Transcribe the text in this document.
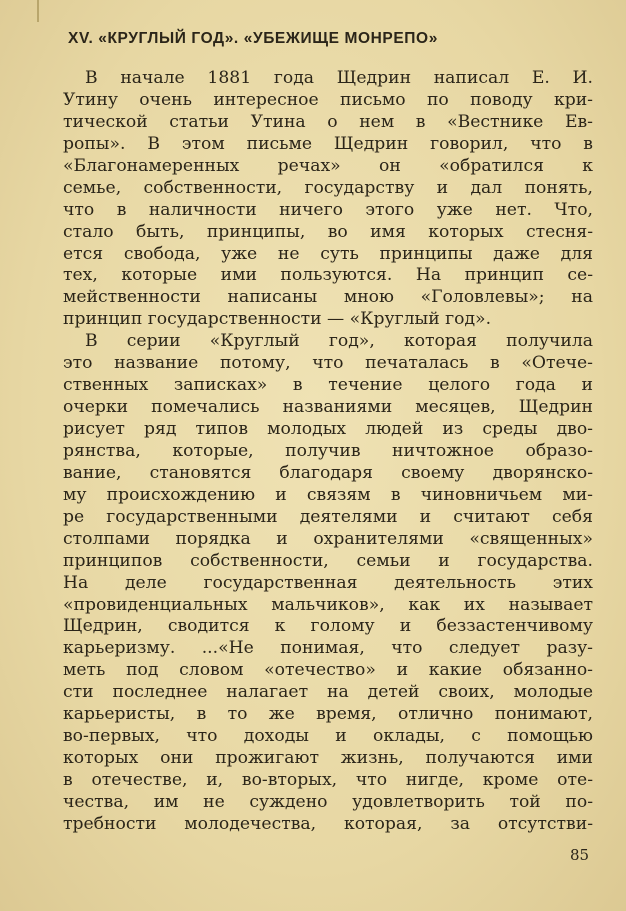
XV. «КРУГЛЫЙ ГОД». «УБЕЖИЩЕ МОНРЕПО»
В начале 1881 года Щедрин написал Е. И.
Утину очень интересное письмо по поводу кри-
тической статьи Утина о нем в «Вестнике Ев-
ропы». В этом письме Щедрин говорил, что в
«Благонамеренных речах» он «обратился к
семье, собственности, государству и дал понять,
что в наличности ничего этого уже нет. Что,
стало быть, принципы, во имя которых стесня-
ется свобода, уже не суть принципы даже для
тех, которые ими пользуются. На принцип се-
мейственности написаны мною «Головлевы»; на
принцип государственности — «Круглый год».
В серии «Круглый год», которая получила
это название потому, что печаталась в «Отече-
ственных записках» в течение целого года и
очерки помечались названиями месяцев, Щедрин
рисует ряд типов молодых людей из среды дво-
рянства, которые, получив ничтожное образо-
вание, становятся благодаря своему дворянско-
му происхождению и связям в чиновничьем ми-
ре государственными деятелями и считают себя
столпами порядка и охранителями «священных»
принципов собственности, семьи и государства.
На деле государственная деятельность этих
«провиденциальных мальчиков», как их называет
Щедрин, сводится к голому и беззастенчивому
карьеризму. ...«Не понимая, что следует разу-
меть под словом «отечество» и какие обязанно-
сти последнее налагает на детей своих, молодые
карьеристы, в то же время, отлично понимают,
во-первых, что доходы и оклады, с помощью
которых они прожигают жизнь, получаются ими
в отечестве, и, во-вторых, что нигде, кроме оте-
чества, им не суждено удовлетворить той по-
требности молодечества, которая, за отсутстви-
85
